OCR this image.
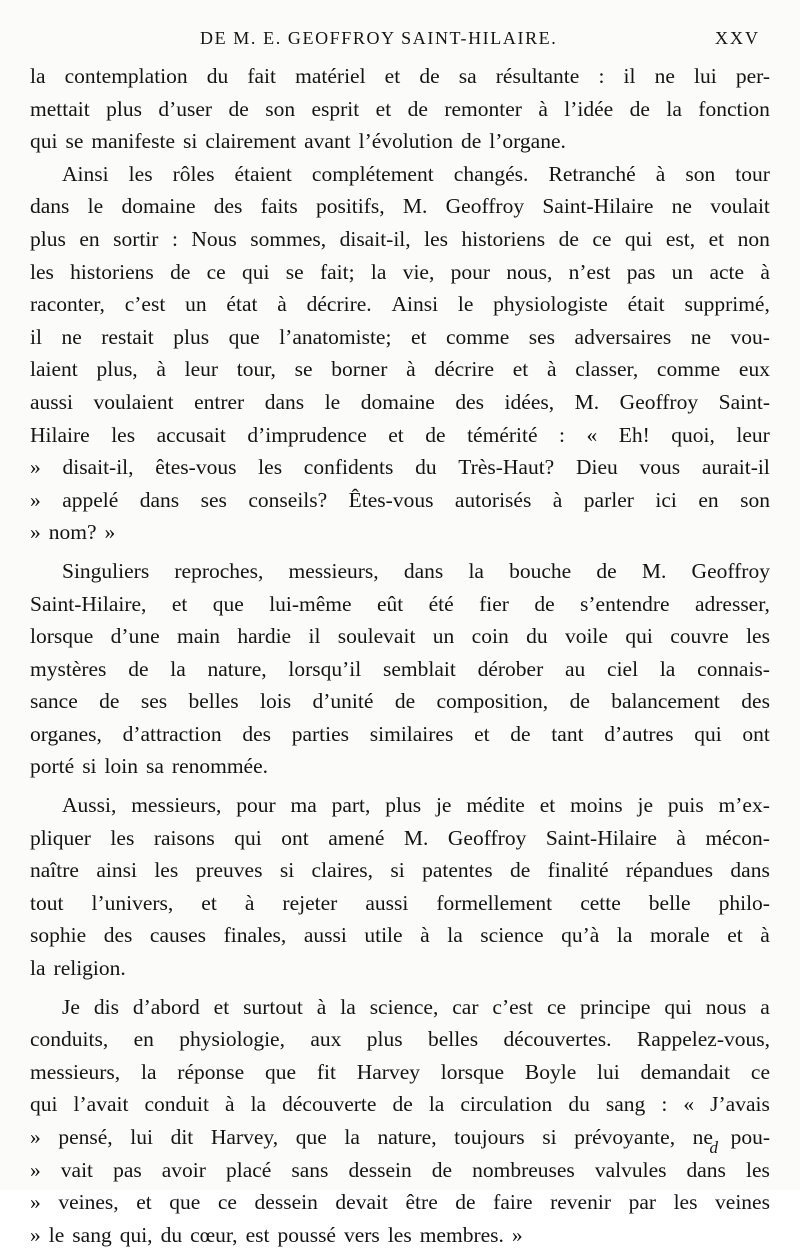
DE M. E. GEOFFROY SAINT-HILAIRE.	XXV
la contemplation du fait matériel et de sa résultante : il ne lui per-
mettait plus d’user de son esprit et de remonter à l’idée de la fonction
qui se manifeste si clairement avant l’évolution de l’organe.
Ainsi les rôles étaient complétement changés. Retranché à son tour
dans le domaine des faits positifs, M. Geoffroy Saint-Hilaire ne voulait
plus en sortir : Nous sommes, disait-il, les historiens de ce qui est, et non
les historiens de ce qui se fait; la vie, pour nous, n’est pas un acte à
raconter, c’est un état à décrire. Ainsi le physiologiste était supprimé,
il ne restait plus que l’anatomiste; et comme ses adversaires ne vou-
laient plus, à leur tour, se borner à décrire et à classer, comme eux
aussi voulaient entrer dans le domaine des idées, M. Geoffroy Saint-
Hilaire les accusait d’imprudence et de témérité : « Eh! quoi, leur
» disait-il, êtes-vous les confidents du Très-Haut? Dieu vous aurait-il
» appelé dans ses conseils? Êtes-vous autorisés à parler ici en son
» nom? »
Singuliers reproches, messieurs, dans la bouche de M. Geoffroy
Saint-Hilaire, et que lui-même eût été fier de s’entendre adresser,
lorsque d’une main hardie il soulevait un coin du voile qui couvre les
mystères de la nature, lorsqu’il semblait dérober au ciel la connais-
sance de ses belles lois d’unité de composition, de balancement des
organes, d’attraction des parties similaires et de tant d’autres qui ont
porté si loin sa renommée.
Aussi, messieurs, pour ma part, plus je médite et moins je puis m’ex-
pliquer les raisons qui ont amené M. Geoffroy Saint-Hilaire à mécon-
naître ainsi les preuves si claires, si patentes de finalité répandues dans
tout l’univers, et à rejeter aussi formellement cette belle philo-
sophie des causes finales, aussi utile à la science qu’à la morale et à
la religion.
Je dis d’abord et surtout à la science, car c’est ce principe qui nous a
conduits, en physiologie, aux plus belles découvertes. Rappelez-vous,
messieurs, la réponse que fit Harvey lorsque Boyle lui demandait ce
qui l’avait conduit à la découverte de la circulation du sang : « J’avais
» pensé, lui dit Harvey, que la nature, toujours si prévoyante, ne pou-
» vait pas avoir placé sans dessein de nombreuses valvules dans les
» veines, et que ce dessein devait être de faire revenir par les veines
» le sang qui, du cœur, est poussé vers les membres. »
d
